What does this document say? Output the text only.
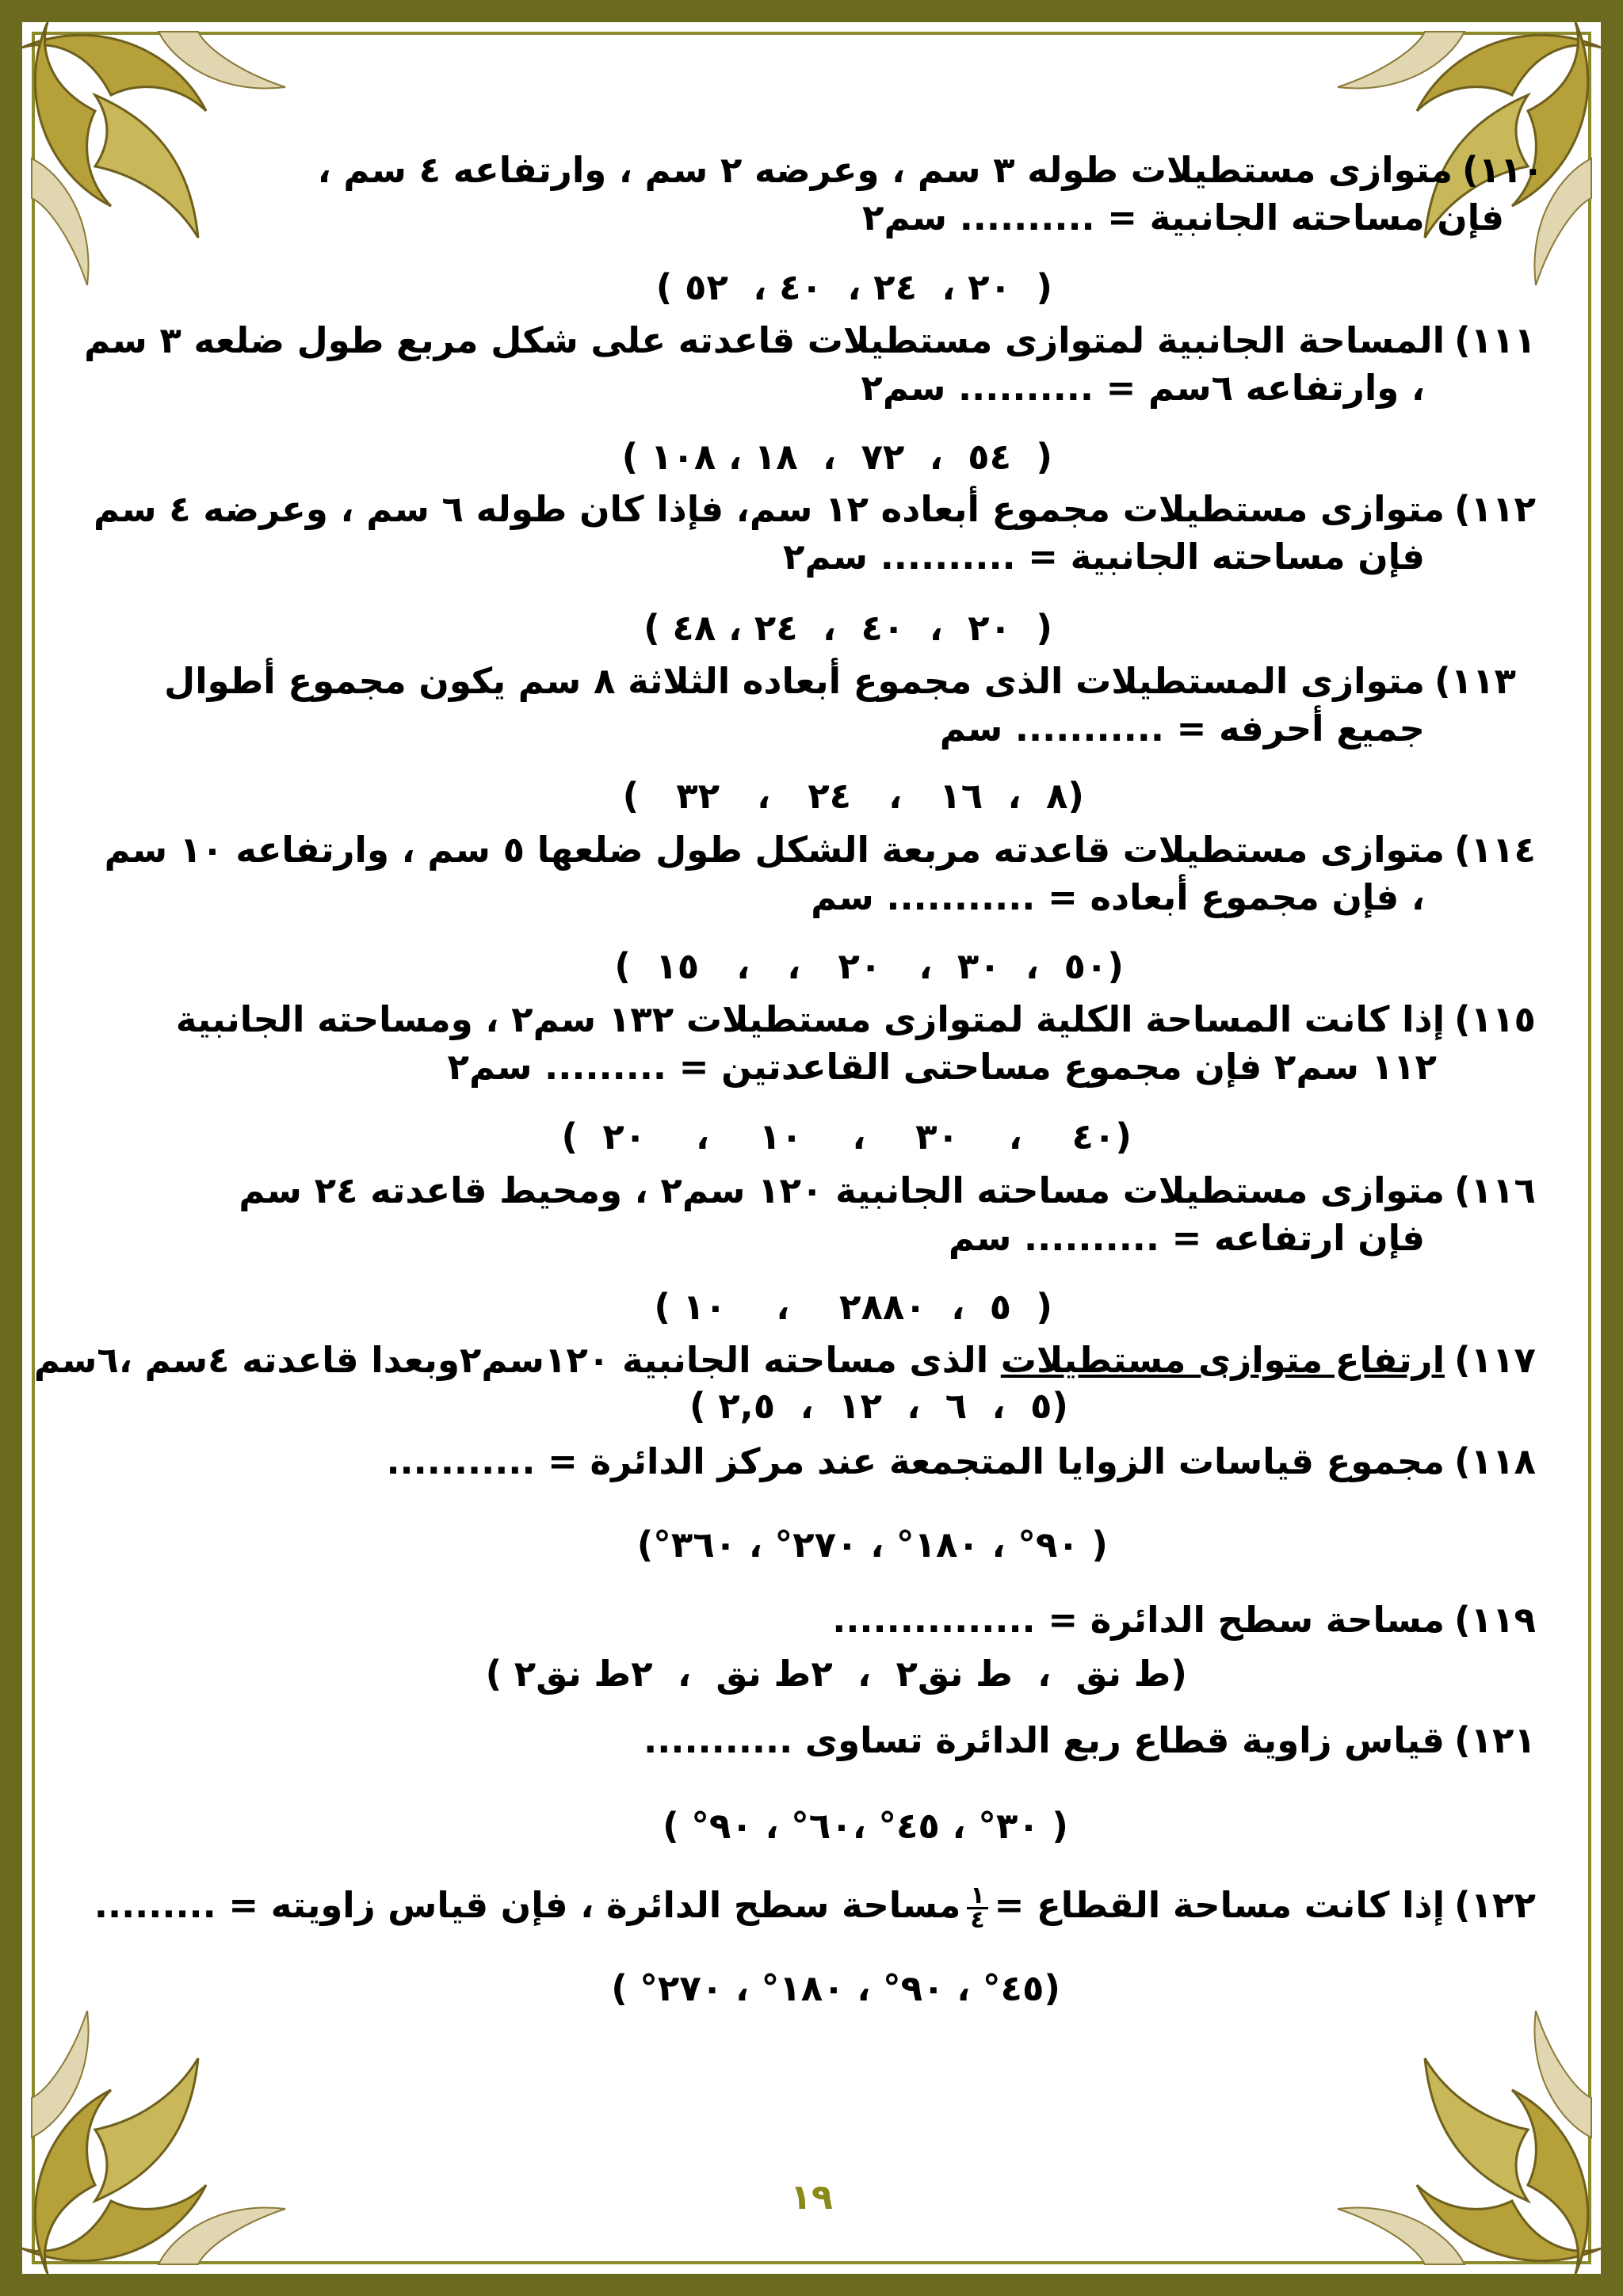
١١٠)متوازى مستطيلات طوله ٣ سم ، وعرضه ٢ سم ، وارتفاعه ٤ سم ،
فإن مساحته الجانبية = .......... سم٢
(  ٢٠ ،  ٢٤ ،  ٤٠ ،  ٥٢ )
١١١)المساحة الجانبية لمتوازى مستطيلات قاعدته على شكل مربع طول ضلعه ٣ سم
، وارتفاعه ٦سم = .......... سم٢
(  ٥٤  ،  ٧٢  ،  ١٨ ، ١٠٨ )
١١٢)متوازى مستطيلات مجموع أبعاده ١٢ سم، فإذا كان طوله ٦ سم ، وعرضه ٤ سم
فإن مساحته الجانبية = .......... سم٢
(  ٢٠  ،  ٤٠  ،  ٢٤ ، ٤٨ )
١١٣)متوازى المستطيلات الذى مجموع أبعاده الثلاثة ٨ سم يكون مجموع أطوال
جميع أحرفه = ........... سم
(٨  ،  ١٦   ،   ٢٤   ،   ٣٢   )
١١٤)متوازى مستطيلات قاعدته مربعة الشكل طول ضلعها ٥ سم ، وارتفاعه ١٠ سم
، فإن مجموع أبعاده = ........... سم
(٥٠  ،  ٣٠  ،   ٢٠   ،   ،   ١٥  )
١١٥)إذا كانت المساحة الكلية لمتوازى مستطيلات ١٣٢ سم٢ ، ومساحته الجانبية
١١٢ سم٢ فإن مجموع مساحتى القاعدتين = ......... سم٢
(٤٠    ،    ٣٠    ،    ١٠    ،    ٢٠  )
١١٦)متوازى مستطيلات مساحته الجانبية ١٢٠ سم٢ ، ومحيط قاعدته ٢٤ سم
فإن ارتفاعه = .......... سم
(  ٥  ،  ٢٨٨٠    ،    ١٠ )
١١٧)ارتفاع متوازى مستطيلات الذى مساحته الجانبية ١٢٠سم٢وبعدا قاعدته ٤سم ،٦سم
(٥  ،  ٦  ،  ١٢  ،  ٢,٥ )
١١٨)مجموع قياسات الزوايا المتجمعة عند مركز الدائرة = ...........
( ٩٠° ، ١٨٠° ، ٢٧٠° ، ٣٦٠°)
١١٩)مساحة سطح الدائرة = ...............
(ط نق  ،  ط نق٢  ،  ٢ط نق  ،  ٢ط نق٢ )
١٢١)قياس زاوية قطاع ربع الدائرة تساوى ...........
( ٣٠° ، ٤٥° ،٦٠° ، ٩٠° )
١٢٢)إذا كانت مساحة القطاع =
$\frac{١}{٤}$
مساحة سطح الدائرة ، فإن قياس زاويته = .........
(٤٥° ، ٩٠° ، ١٨٠° ، ٢٧٠° )
١٩
